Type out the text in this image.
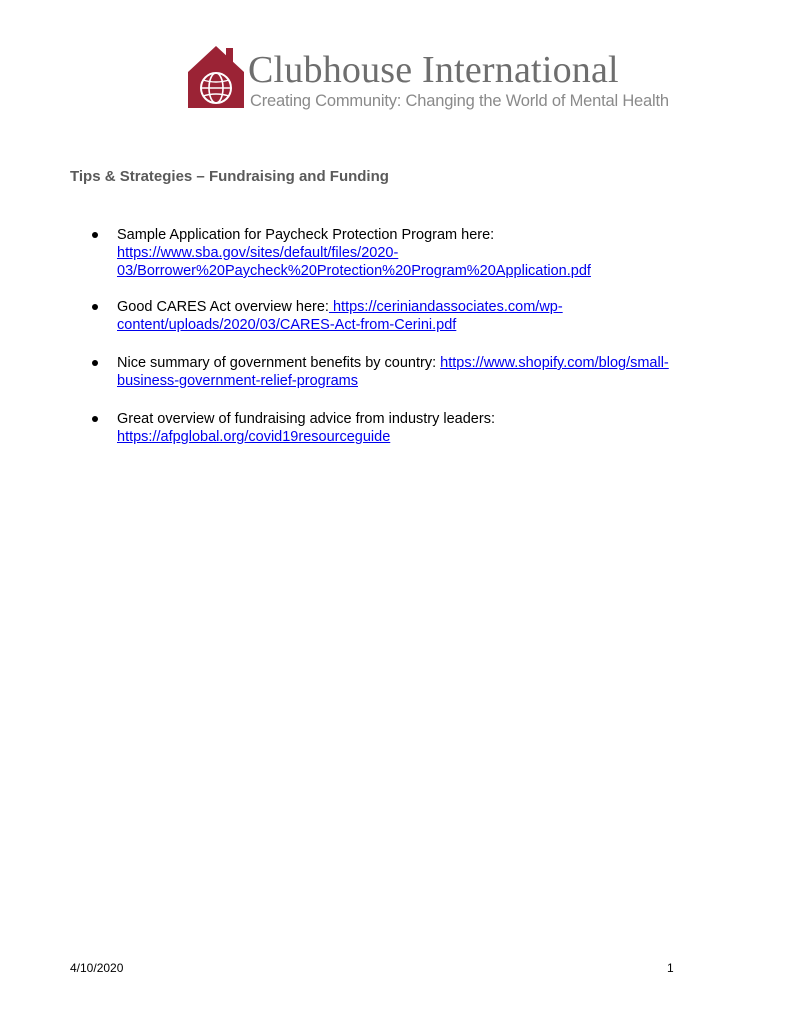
Clubhouse International
Creating Community: Changing the World of Mental Health
Tips & Strategies – Fundraising and Funding
Sample Application for Paycheck Protection Program here:
https://www.sba.gov/sites/default/files/2020-
03/Borrower%20Paycheck%20Protection%20Program%20Application.pdf
Good CARES Act overview here: https://ceriniandassociates.com/wp-
content/uploads/2020/03/CARES-Act-from-Cerini.pdf
Nice summary of government benefits by country: https://www.shopify.com/blog/small-
business-government-relief-programs
Great overview of fundraising advice from industry leaders:
https://afpglobal.org/covid19resourceguide
4/10/2020	1
